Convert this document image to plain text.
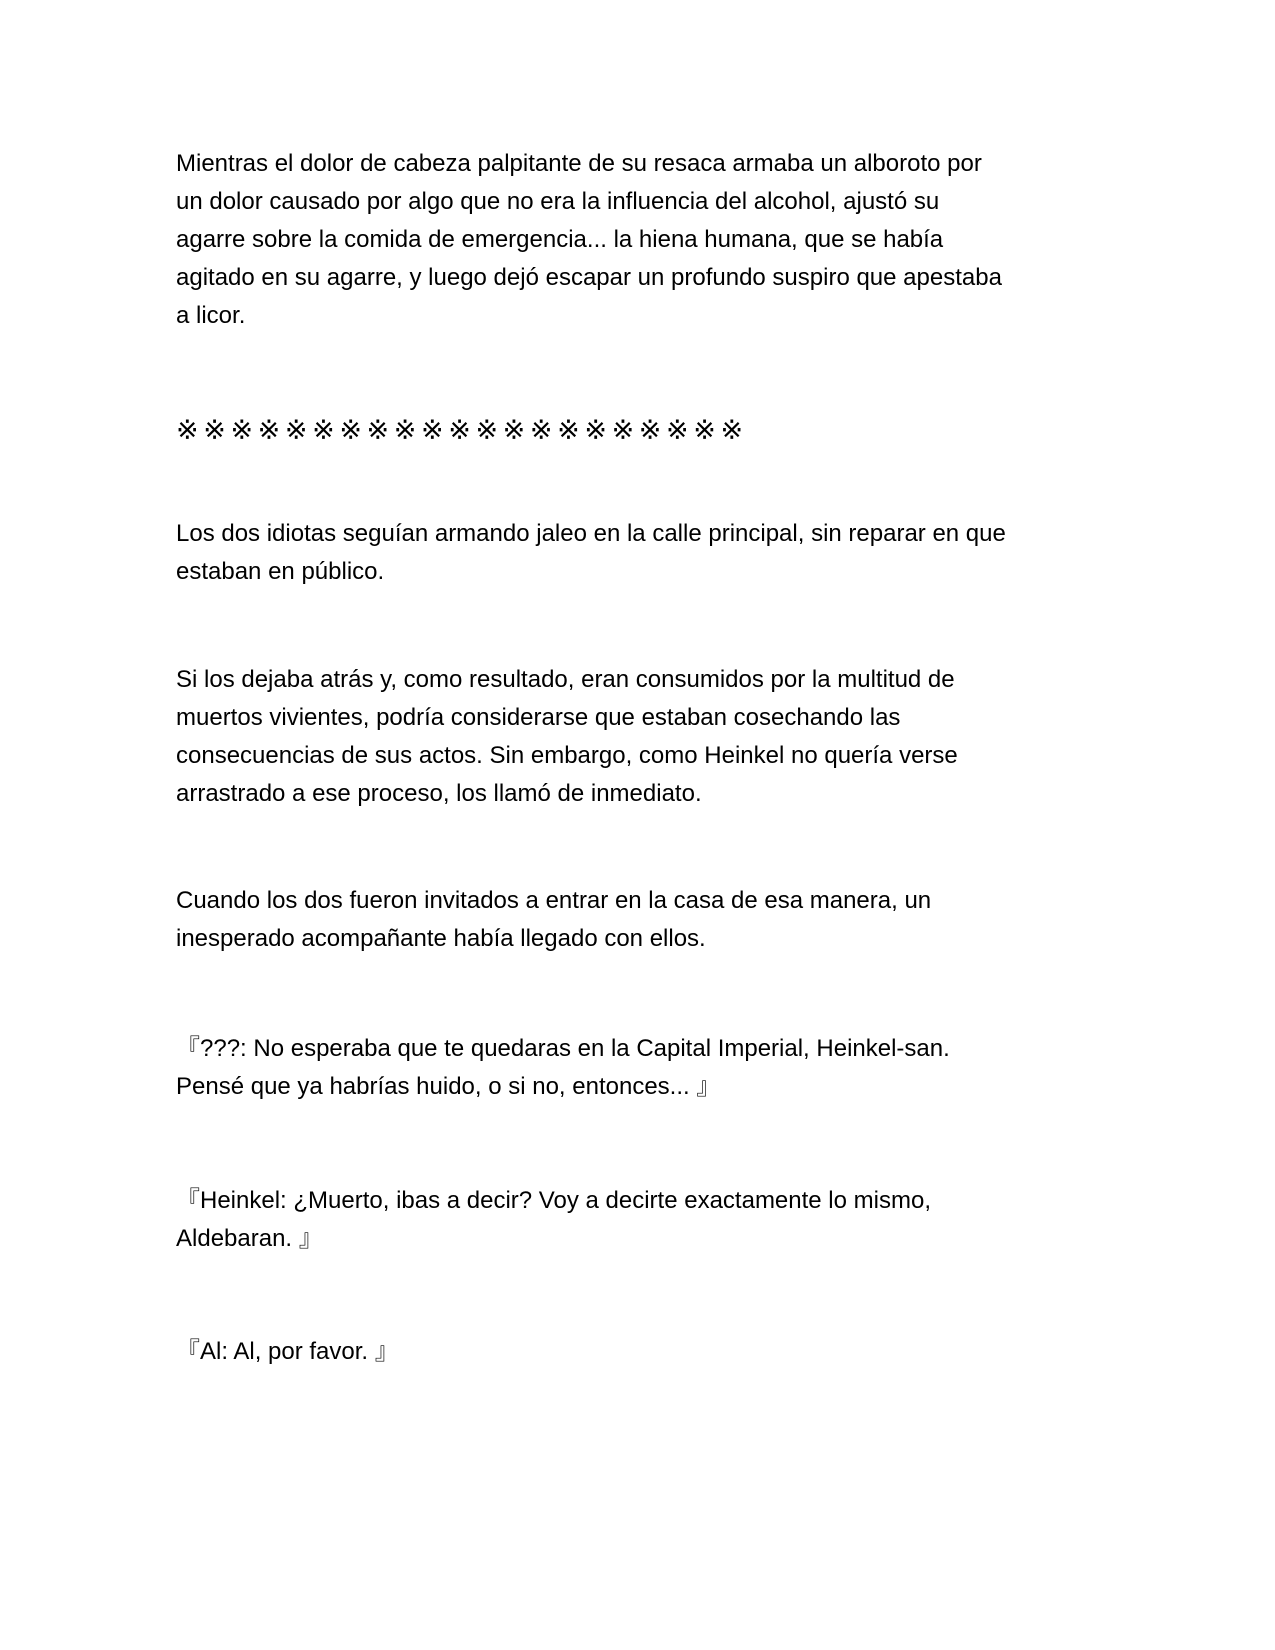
Mientras el dolor de cabeza palpitante de su resaca armaba un alboroto por
un dolor causado por algo que no era la influencia del alcohol, ajustó su
agarre sobre la comida de emergencia... la hiena humana, que se había
agitado en su agarre, y luego dejó escapar un profundo suspiro que apestaba
a licor.

※※※※※※※※※※※※※※※※※※※※※

Los dos idiotas seguían armando jaleo en la calle principal, sin reparar en que
estaban en público.

Si los dejaba atrás y, como resultado, eran consumidos por la multitud de
muertos vivientes, podría considerarse que estaban cosechando las
consecuencias de sus actos. Sin embargo, como Heinkel no quería verse
arrastrado a ese proceso, los llamó de inmediato.

Cuando los dos fueron invitados a entrar en la casa de esa manera, un
inesperado acompañante había llegado con ellos.

『???: No esperaba que te quedaras en la Capital Imperial, Heinkel-san.
Pensé que ya habrías huido, o si no, entonces... 』

『Heinkel: ¿Muerto, ibas a decir? Voy a decirte exactamente lo mismo,
Aldebaran. 』

『Al: Al, por favor. 』
